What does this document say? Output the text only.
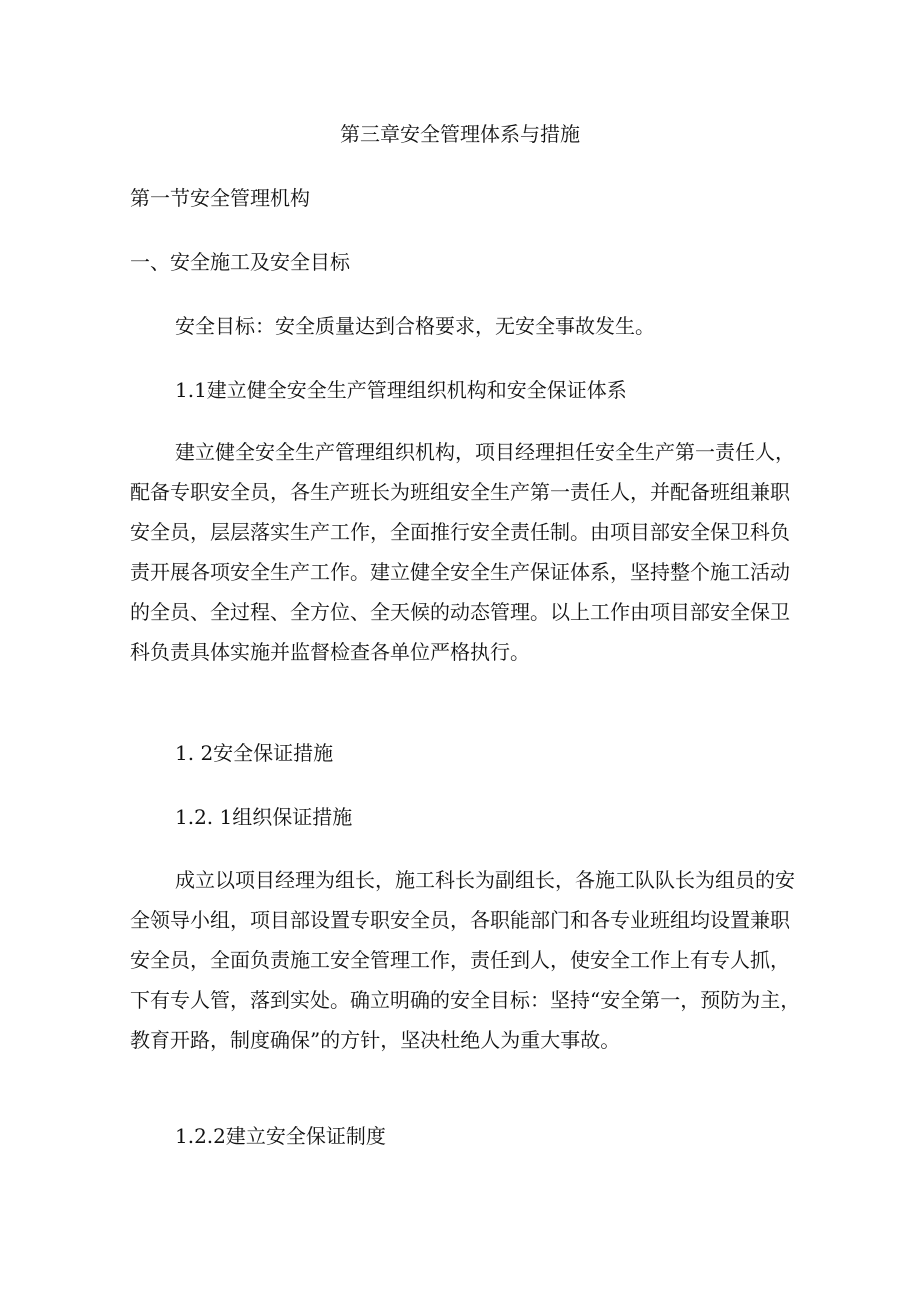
第三章安全管理体系与措施

第一节安全管理机构

一、安全施工及安全目标

安全目标：安全质量达到合格要求，无安全事故发生。

1.1建立健全安全生产管理组织机构和安全保证体系

建立健全安全生产管理组织机构，项目经理担任安全生产第一责任人，
配备专职安全员，各生产班长为班组安全生产第一责任人，并配备班组兼职
安全员，层层落实生产工作，全面推行安全责任制。由项目部安全保卫科负
责开展各项安全生产工作。建立健全安全生产保证体系，坚持整个施工活动
的全员、全过程、全方位、全天候的动态管理。以上工作由项目部安全保卫
科负责具体实施并监督检查各单位严格执行。

1. 2安全保证措施

1.2. 1组织保证措施

成立以项目经理为组长，施工科长为副组长，各施工队队长为组员的安
全领导小组，项目部设置专职安全员，各职能部门和各专业班组均设置兼职
安全员，全面负责施工安全管理工作，责任到人，使安全工作上有专人抓，
下有专人管，落到实处。确立明确的安全目标：坚持“安全第一，预防为主，
教育开路，制度确保”的方针，坚决杜绝人为重大事故。

1.2.2建立安全保证制度
